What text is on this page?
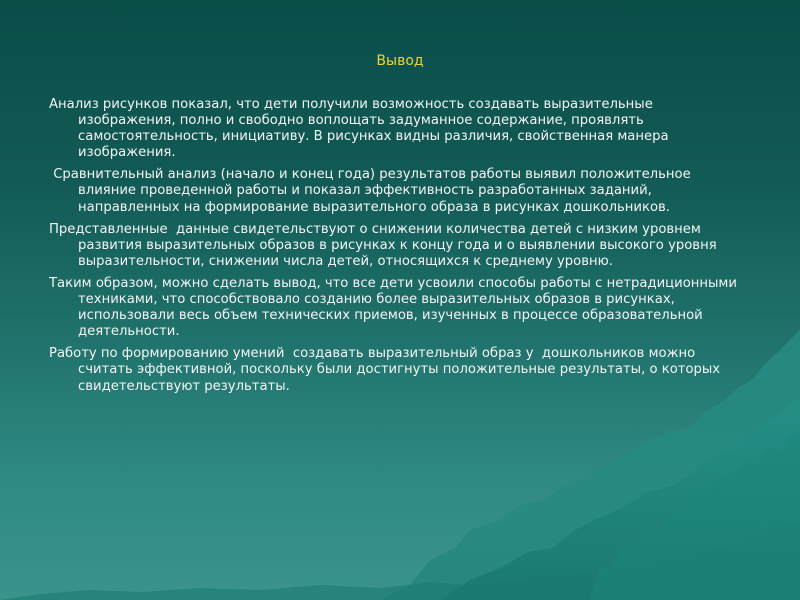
Вывод

Анализ рисунков показал, что дети получили возможность создавать выразительные изображения, полно и свободно воплощать задуманное содержание, проявлять самостоятельность, инициативу. В рисунках видны различия, свойственная манера изображения.

Сравнительный анализ (начало и конец года) результатов работы выявил положительное влияние проведенной работы и показал эффективность разработанных заданий, направленных на формирование выразительного образа в рисунках дошкольников.

Представленные  данные свидетельствуют о снижении количества детей с низким уровнем развития выразительных образов в рисунках к концу года и о выявлении высокого уровня выразительности, снижении числа детей, относящихся к среднему уровню.

Таким образом, можно сделать вывод, что все дети усвоили способы работы с нетрадиционными техниками, что способствовало созданию более выразительных образов в рисунках, использовали весь объем технических приемов, изученных в процессе образовательной деятельности.

Работу по формированию умений  создавать выразительный образ у  дошкольников можно считать эффективной, поскольку были достигнуты положительные результаты, о которых свидетельствуют результаты.
